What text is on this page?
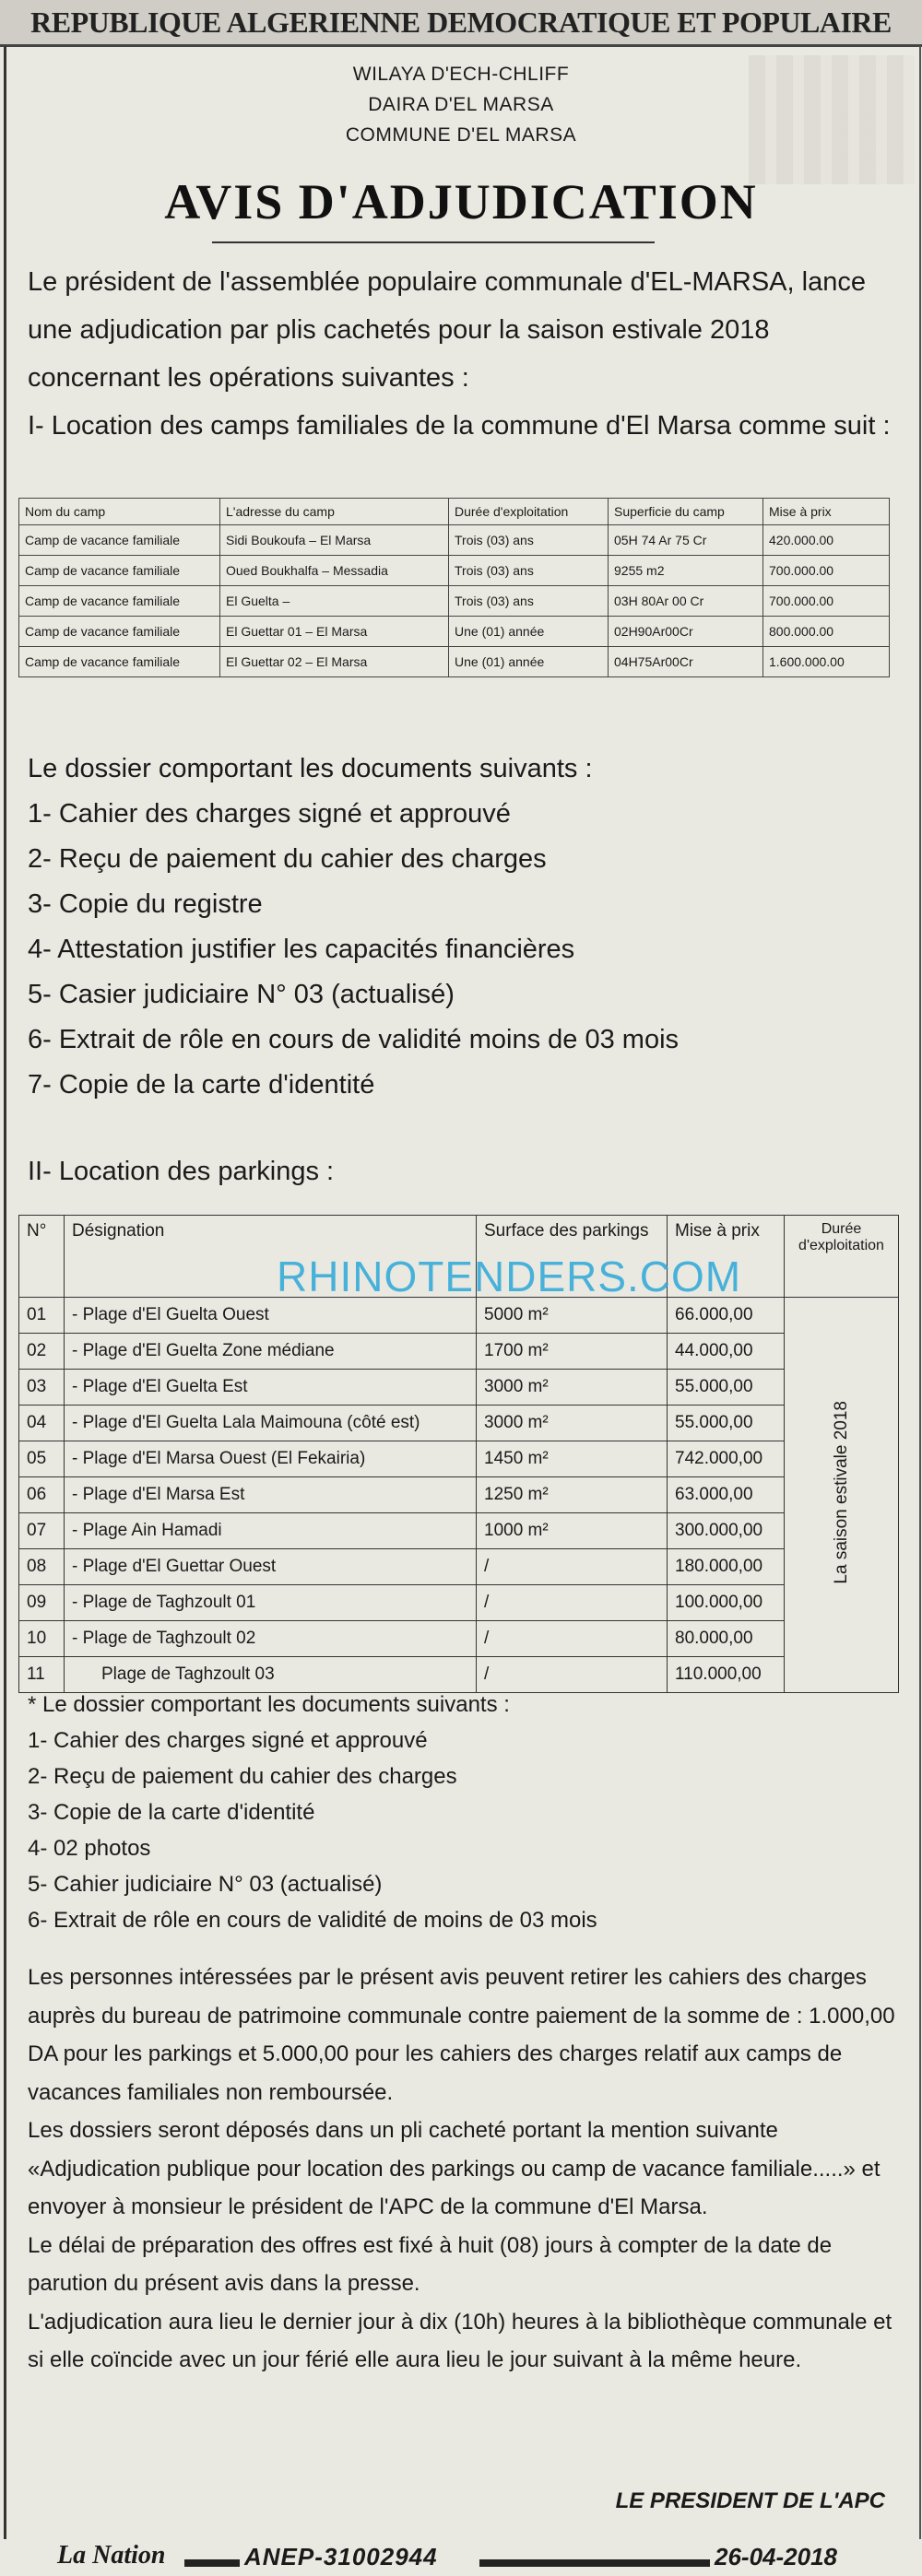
REPUBLIQUE ALGERIENNE DEMOCRATIQUE ET POPULAIRE
WILAYA D'ECH-CHLIFF
DAIRA D'EL MARSA
COMMUNE D'EL MARSA
AVIS D'ADJUDICATION
Le président de l'assemblée populaire communale d'EL-MARSA, lance une adjudication par plis cachetés pour la saison estivale 2018 concernant les opérations suivantes :
I- Location des camps familiales de la commune d'El Marsa comme suit :
Nom du camp	L'adresse du camp	Durée d'exploitation	Superficie du camp	Mise à prix
Camp de vacance familiale	Sidi Boukoufa – El Marsa	Trois (03) ans	05H 74 Ar 75 Cr	420.000.00
Camp de vacance familiale	Oued Boukhalfa – Messadia	Trois (03) ans	9255 m2	700.000.00
Camp de vacance familiale	El Guelta –	Trois (03) ans	03H 80Ar 00 Cr	700.000.00
Camp de vacance familiale	El Guettar 01 – El Marsa	Une (01) année	02H90Ar00Cr	800.000.00
Camp de vacance familiale	El Guettar 02 – El Marsa	Une (01) année	04H75Ar00Cr	1.600.000.00
Le dossier comportant les documents suivants :
1- Cahier des charges signé et approuvé
2- Reçu de paiement du cahier des charges
3- Copie du registre
4- Attestation justifier les capacités financières
5- Casier judiciaire N° 03 (actualisé)
6- Extrait de rôle en cours de validité moins de 03 mois
7- Copie de la carte d'identité
II- Location des parkings :
N°	Désignation	Surface des parkings	Mise à prix	Durée d'exploitation
01	- Plage d'El Guelta Ouest	5000 m²	66.000,00	La saison estivale 2018
02	- Plage d'El Guelta Zone médiane	1700 m²	44.000,00	
03	- Plage d'El Guelta Est	3000 m²	55.000,00	
04	- Plage d'El Guelta Lala Maimouna (côté est)	3000 m²	55.000,00	
05	- Plage d'El Marsa Ouest (El Fekairia)	1450 m²	742.000,00	
06	- Plage d'El Marsa Est	1250 m²	63.000,00	
07	- Plage Ain Hamadi	1000 m²	300.000,00	
08	- Plage d'El Guettar Ouest	/	180.000,00	
09	- Plage de Taghzoult 01	/	100.000,00	
10	- Plage de Taghzoult 02	/	80.000,00	
11	Plage de Taghzoult 03	/	110.000,00	
RHINOTENDERS.COM
* Le dossier comportant les documents suivants :
1- Cahier des charges signé et approuvé
2- Reçu de paiement du cahier des charges
3- Copie de la carte d'identité
4- 02 photos
5- Cahier judiciaire N° 03 (actualisé)
6- Extrait de rôle en cours de validité de moins de 03 mois
Les personnes intéressées par le présent avis peuvent retirer les cahiers des charges auprès du bureau de patrimoine communale contre paiement de la somme de : 1.000,00 DA pour les parkings et 5.000,00 pour les cahiers des charges relatif aux camps de vacances familiales non remboursée.
Les dossiers seront déposés dans un pli cacheté portant la mention suivante «Adjudication publique pour location des parkings ou camp de vacance familiale.....» et envoyer à monsieur le président de l'APC de la commune d'El Marsa.
Le délai de préparation des offres est fixé à huit (08) jours à compter de la date de parution du présent avis dans la presse.
L'adjudication aura lieu le dernier jour à dix (10h) heures à la bibliothèque communale et si elle coïncide avec un jour férié elle aura lieu le jour suivant à la même heure.
LE PRESIDENT DE L'APC
La Nation	ANEP-31002944	26-04-2018
